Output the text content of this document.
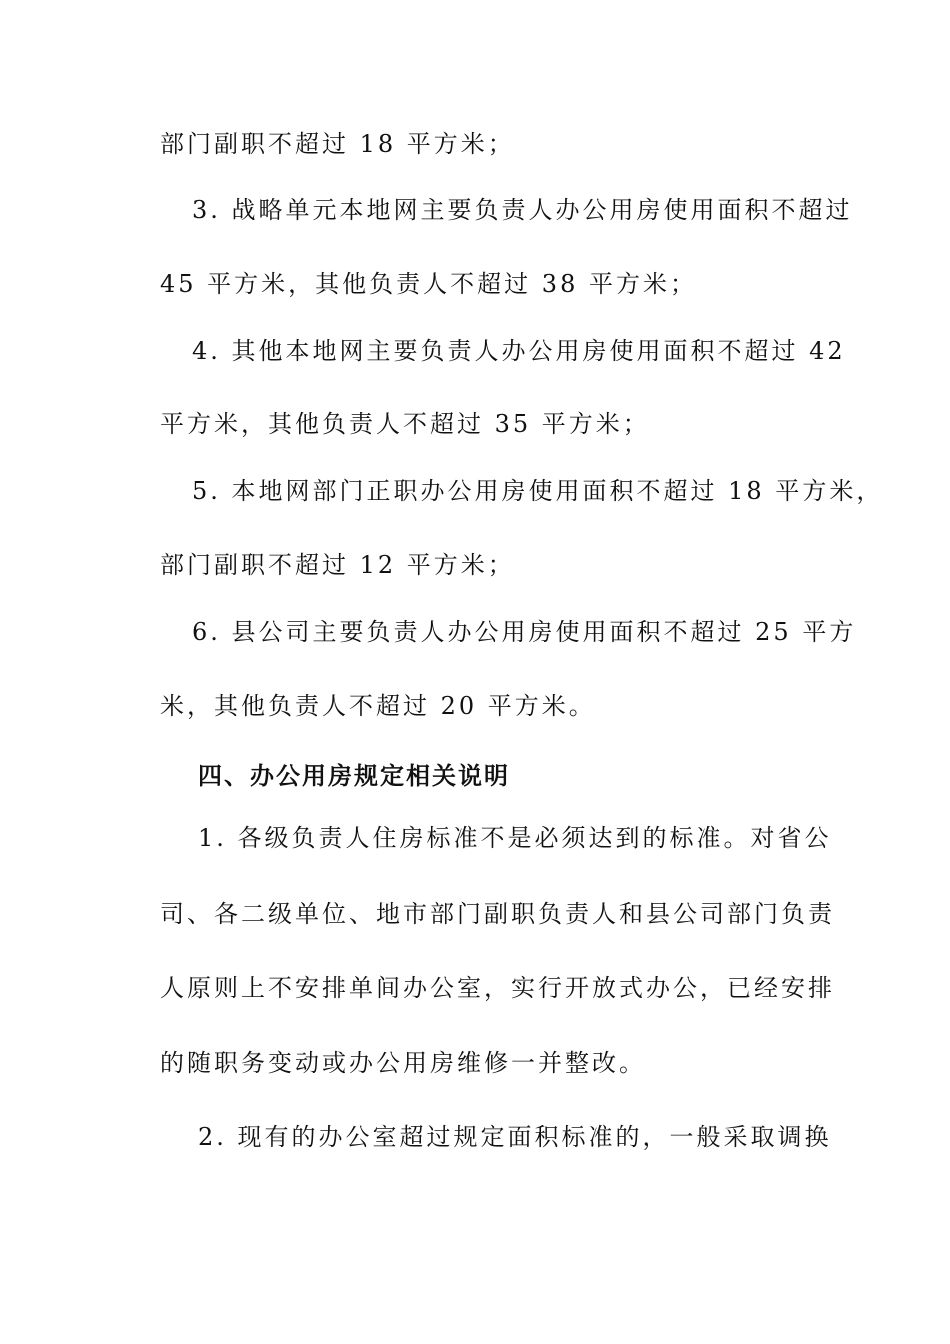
部门副职不超过 18 平方米；
3. 战略单元本地网主要负责人办公用房使用面积不超过
45 平方米，其他负责人不超过 38 平方米；
4. 其他本地网主要负责人办公用房使用面积不超过 42
平方米，其他负责人不超过 35 平方米；
5. 本地网部门正职办公用房使用面积不超过 18 平方米，
部门副职不超过 12 平方米；
6. 县公司主要负责人办公用房使用面积不超过 25 平方
米，其他负责人不超过 20 平方米。
四、办公用房规定相关说明
1. 各级负责人住房标准不是必须达到的标准。对省公
司、各二级单位、地市部门副职负责人和县公司部门负责
人原则上不安排单间办公室，实行开放式办公，已经安排
的随职务变动或办公用房维修一并整改。
2. 现有的办公室超过规定面积标准的，一般采取调换
